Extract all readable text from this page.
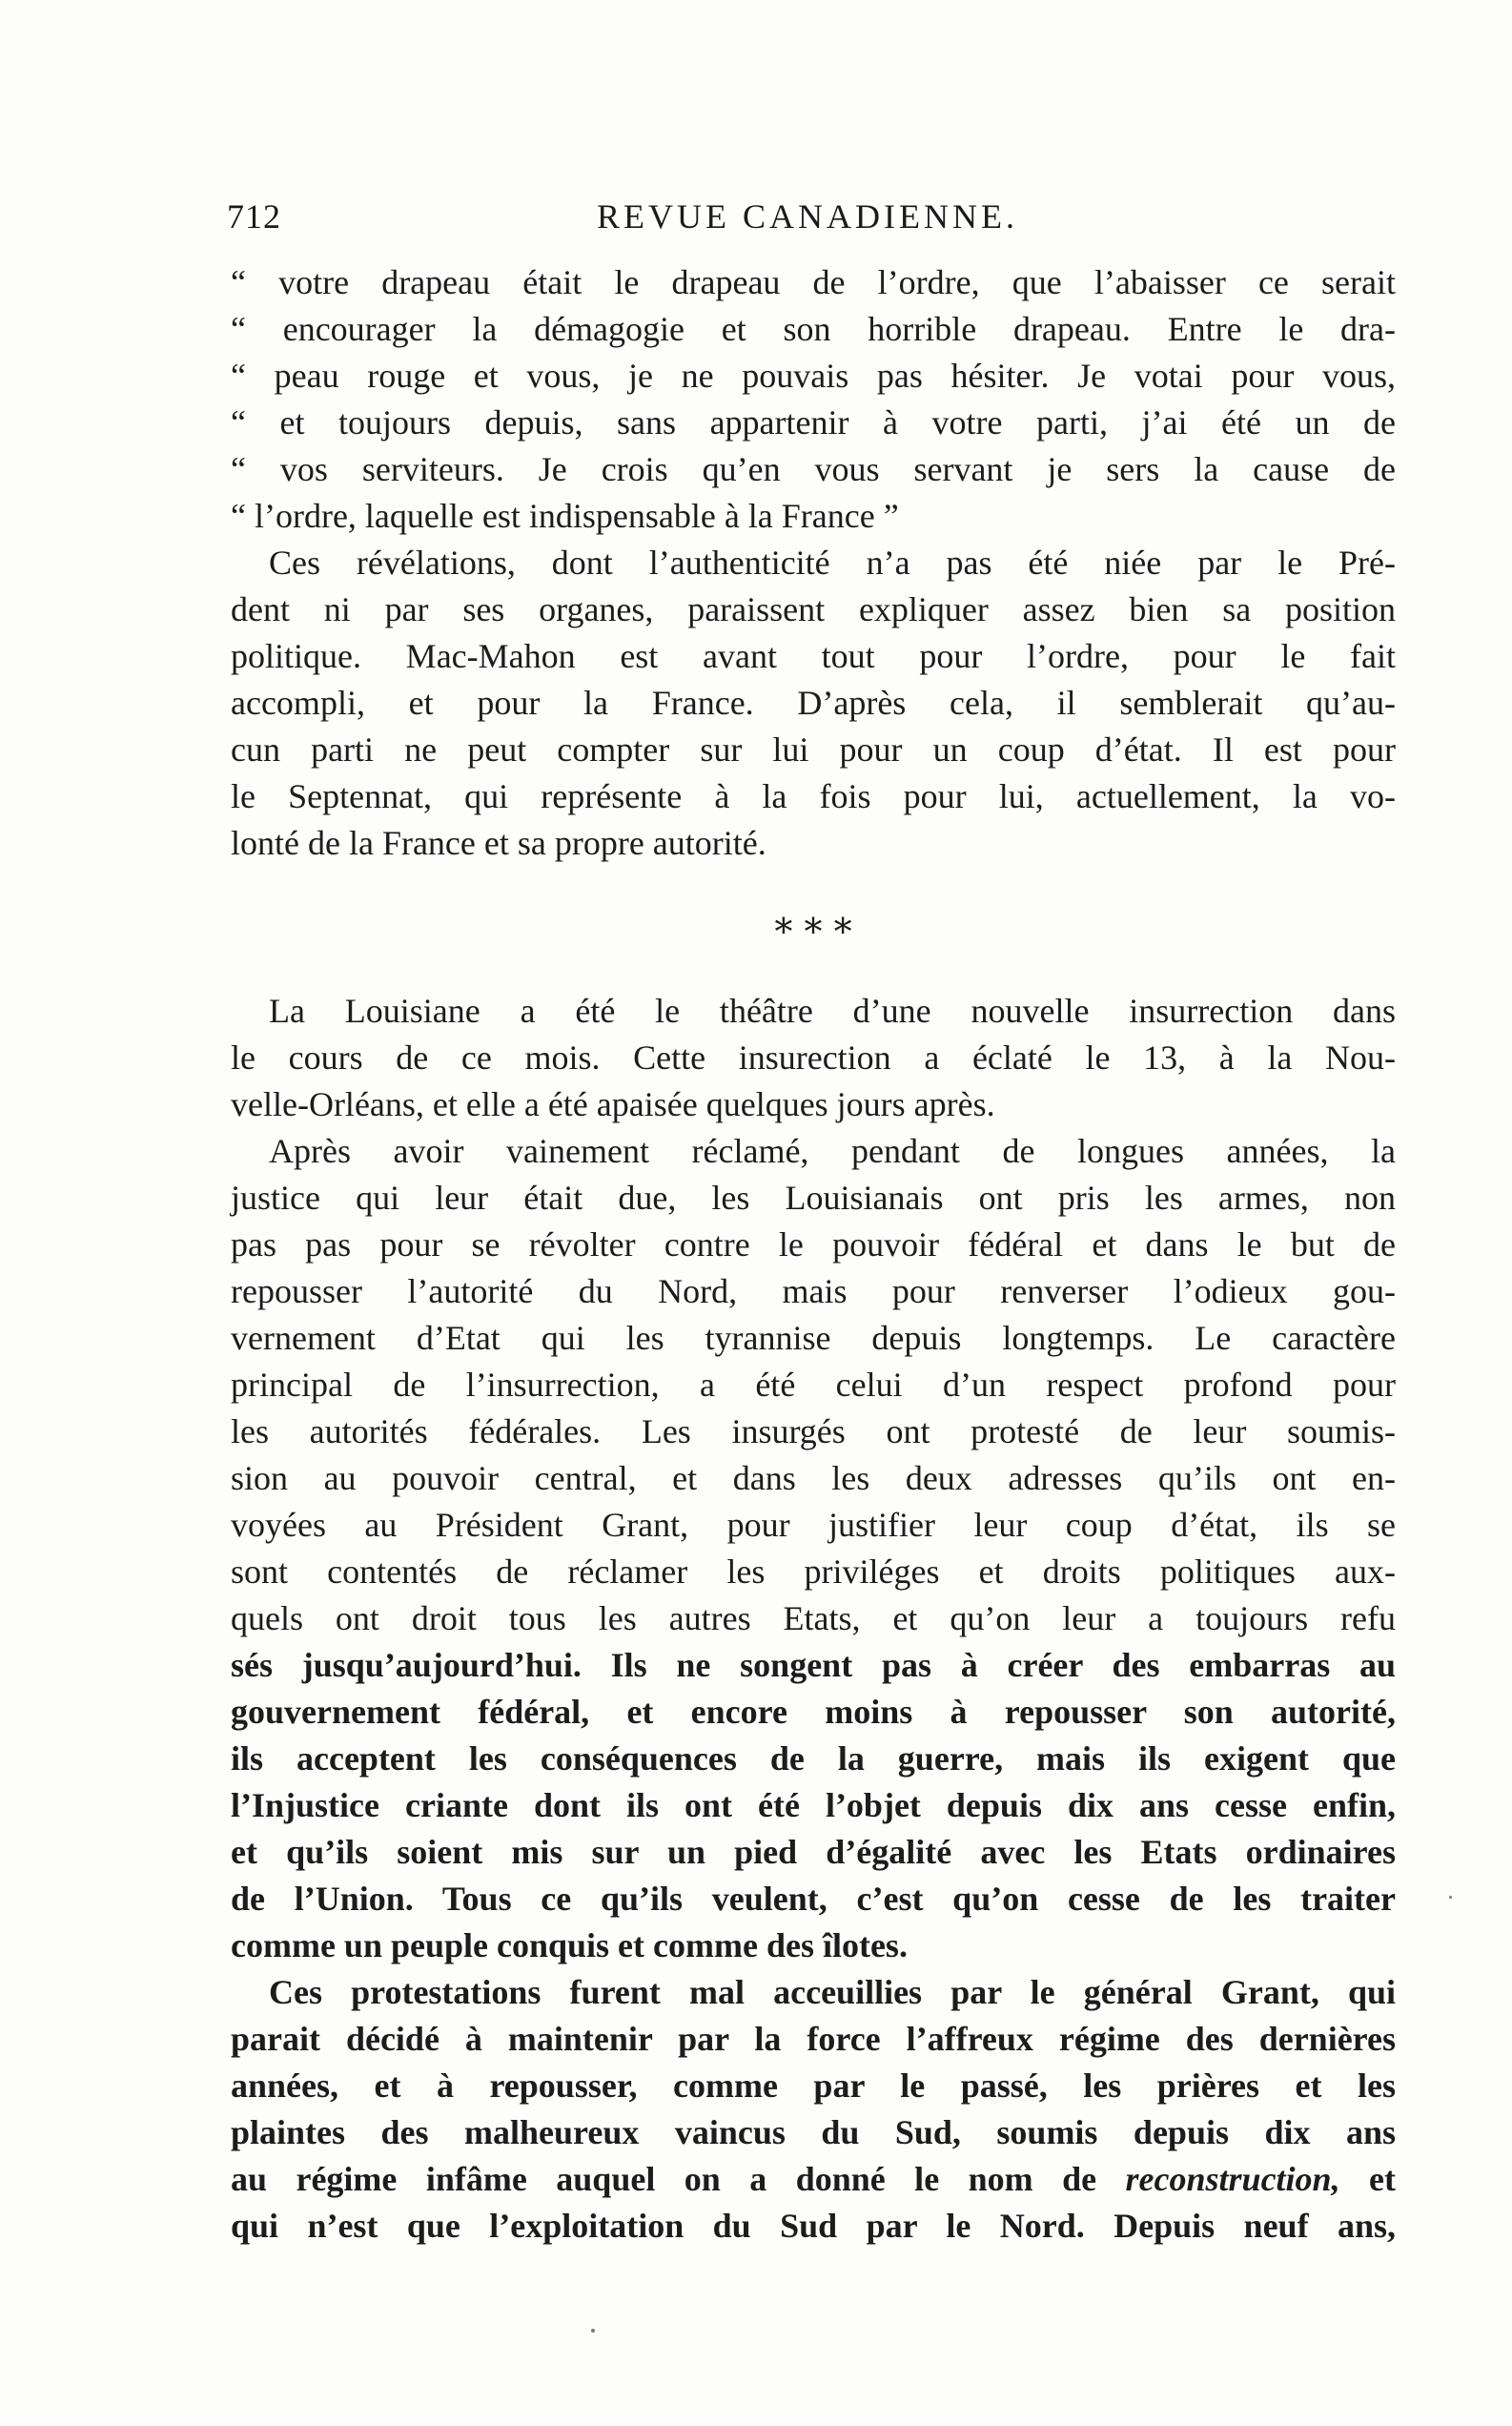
712	REVUE CANADIENNE.
“ votre drapeau était le drapeau de l’ordre, que l’abaisser ce serait
“ encourager la démagogie et son horrible drapeau. Entre le dra-
“ peau rouge et vous, je ne pouvais pas hésiter. Je votai pour vous,
“ et toujours depuis, sans appartenir à votre parti, j’ai été un de
“ vos serviteurs. Je crois qu’en vous servant je sers la cause de
“ l’ordre, laquelle est indispensable à la France ”
Ces révélations, dont l’authenticité n’a pas été niée par le Pré-
dent ni par ses organes, paraissent expliquer assez bien sa position
politique. Mac-Mahon est avant tout pour l’ordre, pour le fait
accompli, et pour la France. D’après cela, il semblerait qu’au-
cun parti ne peut compter sur lui pour un coup d’état. Il est pour
le Septennat, qui représente à la fois pour lui, actuellement, la vo-
lonté de la France et sa propre autorité.
* * *
La Louisiane a été le théâtre d’une nouvelle insurrection dans
le cours de ce mois. Cette insurection a éclaté le 13, à la Nou-
velle-Orléans, et elle a été apaisée quelques jours après.
Après avoir vainement réclamé, pendant de longues années, la
justice qui leur était due, les Louisianais ont pris les armes, non
pas pas pour se révolter contre le pouvoir fédéral et dans le but de
repousser l’autorité du Nord, mais pour renverser l’odieux gou-
vernement d’Etat qui les tyrannise depuis longtemps. Le caractère
principal de l’insurrection, a été celui d’un respect profond pour
les autorités fédérales. Les insurgés ont protesté de leur soumis-
sion au pouvoir central, et dans les deux adresses qu’ils ont en-
voyées au Président Grant, pour justifier leur coup d’état, ils se
sont contentés de réclamer les priviléges et droits politiques aux-
quels ont droit tous les autres Etats, et qu’on leur a toujours refu
sés jusqu’aujourd’hui. Ils ne songent pas à créer des embarras au
gouvernement fédéral, et encore moins à repousser son autorité,
ils acceptent les conséquences de la guerre, mais ils exigent que
l’Injustice criante dont ils ont été l’objet depuis dix ans cesse enfin,
et qu’ils soient mis sur un pied d’égalité avec les Etats ordinaires
de l’Union. Tous ce qu’ils veulent, c’est qu’on cesse de les traiter
comme un peuple conquis et comme des îlotes.
Ces protestations furent mal acceuillies par le général Grant, qui
parait décidé à maintenir par la force l’affreux régime des dernières
années, et à repousser, comme par le passé, les prières et les
plaintes des malheureux vaincus du Sud, soumis depuis dix ans
au régime infâme auquel on a donné le nom de reconstruction, et
qui n’est que l’exploitation du Sud par le Nord. Depuis neuf ans,
